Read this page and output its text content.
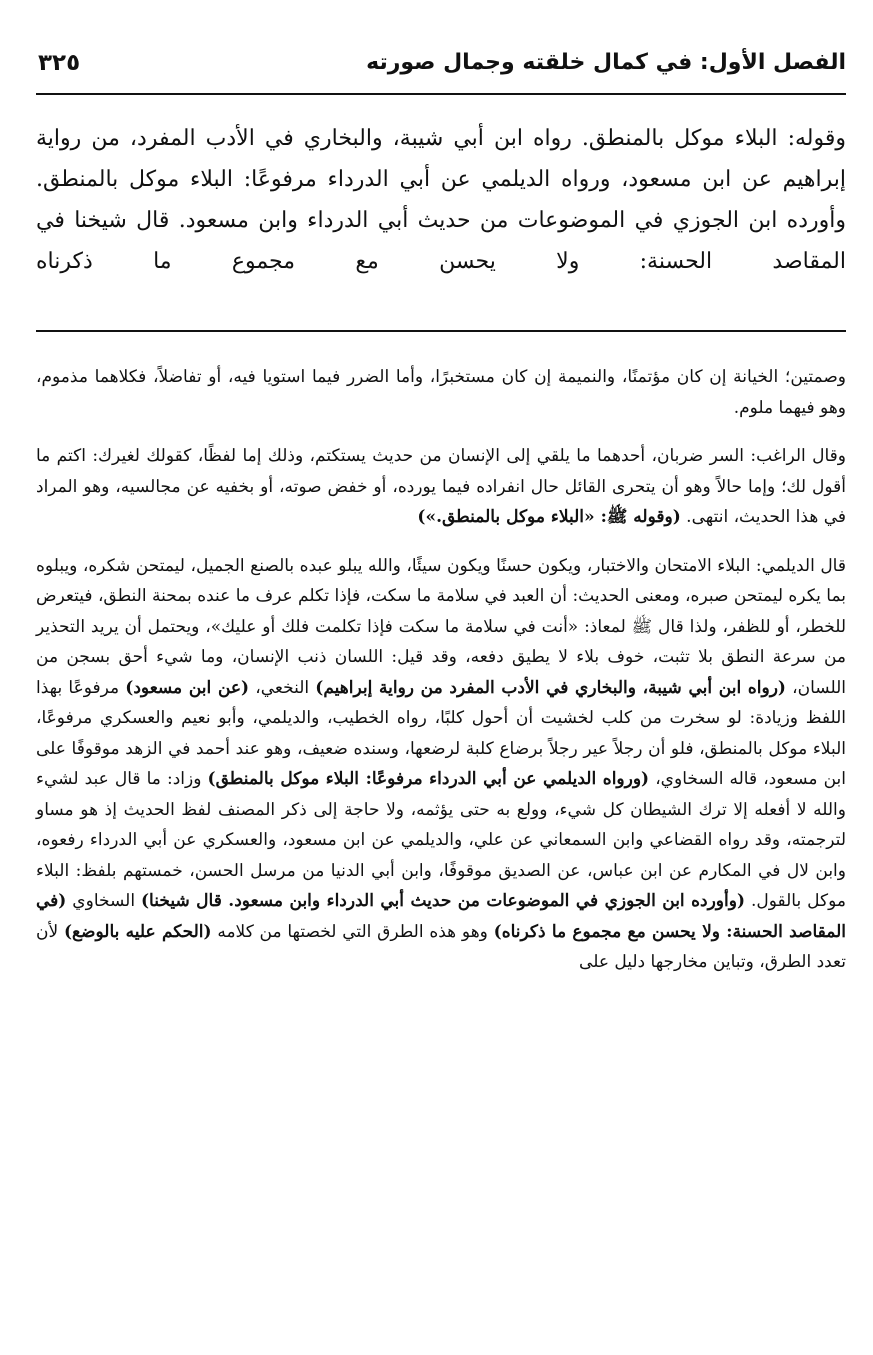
الفصل الأول: في كمال خلقته وجمال صورته
٣٢٥

وقوله: البلاء موكل بالمنطق. رواه ابن أبي شيبة، والبخاري في الأدب المفرد، من رواية إبراهيم عن ابن مسعود، ورواه الديلمي عن أبي الدرداء مرفوعًا: البلاء موكل بالمنطق. وأورده ابن الجوزي في الموضوعات من حديث أبي الدرداء وابن مسعود. قال شيخنا في المقاصد الحسنة: ولا يحسن مع مجموع ما ذكرناه

وصمتين؛ الخيانة إن كان مؤتمنًا، والنميمة إن كان مستخبرًا، وأما الضرر فيما استويا فيه، أو تفاضلاً، فكلاهما مذموم، وهو فيهما ملوم.

وقال الراغب: السر ضربان، أحدهما ما يلقي إلى الإنسان من حديث يستكتم، وذلك إما لفظًا، كقولك لغيرك: اكتم ما أقول لك؛ وإما حالاً وهو أن يتحرى القائل حال انفراده فيما يورده، أو خفض صوته، أو بخفيه عن مجالسيه، وهو المراد في هذا الحديث، انتهى. (وقوله ﷺ: «البلاء موكل بالمنطق.»)

قال الديلمي: البلاء الامتحان والاختبار، ويكون حسنًا ويكون سيئًا، والله يبلو عبده بالصنع الجميل، ليمتحن شكره، ويبلوه بما يكره ليمتحن صبره، ومعنى الحديث: أن العبد في سلامة ما سكت، فإذا تكلم عرف ما عنده بمحنة النطق، فيتعرض للخطر، أو للظفر، ولذا قال ﷺ لمعاذ: «أنت في سلامة ما سكت فإذا تكلمت فلك أو عليك»، ويحتمل أن يريد التحذير من سرعة النطق بلا تثبت، خوف بلاء لا يطيق دفعه، وقد قيل: اللسان ذنب الإنسان، وما شيء أحق بسجن من اللسان، (رواه ابن أبي شيبة، والبخاري في الأدب المفرد من رواية إبراهيم) النخعي، (عن ابن مسعود) مرفوعًا بهذا اللفظ وزيادة: لو سخرت من كلب لخشيت أن أحول كلبًا، رواه الخطيب، والديلمي، وأبو نعيم والعسكري مرفوعًا، البلاء موكل بالمنطق، فلو أن رجلاً عير رجلاً برضاع كلبة لرضعها، وسنده ضعيف، وهو عند أحمد في الزهد موقوفًا على ابن مسعود، قاله السخاوي، (ورواه الديلمي عن أبي الدرداء مرفوعًا: البلاء موكل بالمنطق) وزاد: ما قال عبد لشيء والله لا أفعله إلا ترك الشيطان كل شيء، وولع به حتى يؤثمه، ولا حاجة إلى ذكر المصنف لفظ الحديث إذ هو مساو لترجمته، وقد رواه القضاعي وابن السمعاني عن علي، والديلمي عن ابن مسعود، والعسكري عن أبي الدرداء رفعوه، وابن لال في المكارم عن ابن عباس، عن الصديق موقوفًا، وابن أبي الدنيا من مرسل الحسن، خمستهم بلفظ: البلاء موكل بالقول. (وأورده ابن الجوزي في الموضوعات من حديث أبي الدرداء وابن مسعود. قال شيخنا) السخاوي (في المقاصد الحسنة: ولا يحسن مع مجموع ما ذكرناه) وهو هذه الطرق التي لخصتها من كلامه (الحكم عليه بالوضع) لأن تعدد الطرق، وتباين مخارجها دليل على
